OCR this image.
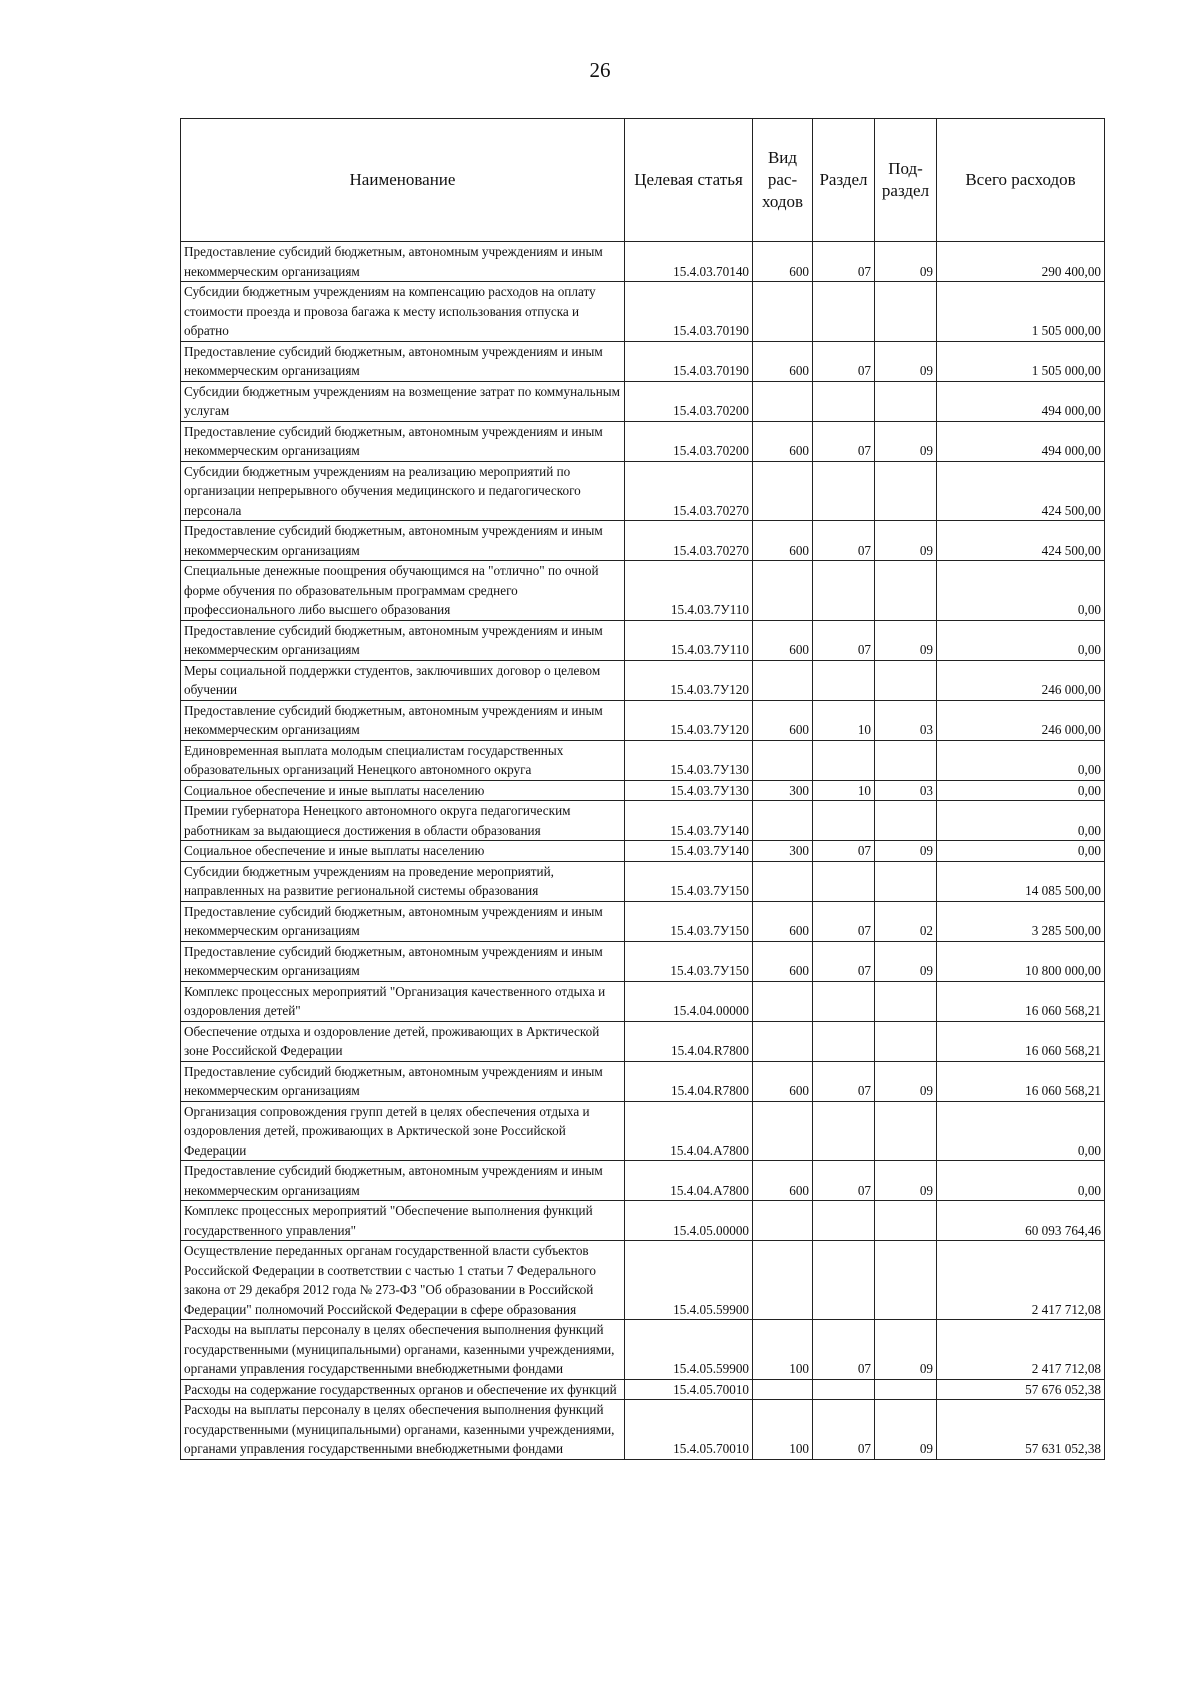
26
Наименование	Целевая статья	Вид рас-ходов	Раздел	Под-раздел	Всего расходов
Предоставление субсидий бюджетным, автономным учреждениям и иным некоммерческим организациям	15.4.03.70140	600	07	09	290 400,00
Субсидии бюджетным учреждениям на компенсацию расходов на оплату стоимости проезда и провоза багажа к месту использования отпуска и обратно	15.4.03.70190				1 505 000,00
Предоставление субсидий бюджетным, автономным учреждениям и иным некоммерческим организациям	15.4.03.70190	600	07	09	1 505 000,00
Субсидии бюджетным учреждениям на возмещение затрат по коммунальным услугам	15.4.03.70200				494 000,00
Предоставление субсидий бюджетным, автономным учреждениям и иным некоммерческим организациям	15.4.03.70200	600	07	09	494 000,00
Субсидии бюджетным учреждениям на реализацию мероприятий по организации непрерывного обучения медицинского и педагогического персонала	15.4.03.70270				424 500,00
Предоставление субсидий бюджетным, автономным учреждениям и иным некоммерческим организациям	15.4.03.70270	600	07	09	424 500,00
Специальные денежные поощрения обучающимся на "отлично" по очной форме обучения по образовательным программам среднего профессионального либо высшего образования	15.4.03.7У110				0,00
Предоставление субсидий бюджетным, автономным учреждениям и иным некоммерческим организациям	15.4.03.7У110	600	07	09	0,00
Меры социальной поддержки студентов, заключивших договор о целевом обучении	15.4.03.7У120				246 000,00
Предоставление субсидий бюджетным, автономным учреждениям и иным некоммерческим организациям	15.4.03.7У120	600	10	03	246 000,00
Единовременная выплата молодым специалистам государственных образовательных организаций Ненецкого автономного округа	15.4.03.7У130				0,00
Социальное обеспечение и иные выплаты населению	15.4.03.7У130	300	10	03	0,00
Премии губернатора Ненецкого автономного округа педагогическим работникам за выдающиеся достижения в области образования	15.4.03.7У140				0,00
Социальное обеспечение и иные выплаты населению	15.4.03.7У140	300	07	09	0,00
Субсидии бюджетным учреждениям на проведение мероприятий, направленных на развитие региональной системы образования	15.4.03.7У150				14 085 500,00
Предоставление субсидий бюджетным, автономным учреждениям и иным некоммерческим организациям	15.4.03.7У150	600	07	02	3 285 500,00
Предоставление субсидий бюджетным, автономным учреждениям и иным некоммерческим организациям	15.4.03.7У150	600	07	09	10 800 000,00
Комплекс процессных мероприятий "Организация качественного отдыха и оздоровления детей"	15.4.04.00000				16 060 568,21
Обеспечение отдыха и оздоровление детей, проживающих в Арктической зоне Российской Федерации	15.4.04.R7800				16 060 568,21
Предоставление субсидий бюджетным, автономным учреждениям и иным некоммерческим организациям	15.4.04.R7800	600	07	09	16 060 568,21
Организация сопровождения групп детей в целях обеспечения отдыха и оздоровления детей, проживающих в Арктической зоне Российской Федерации	15.4.04.A7800				0,00
Предоставление субсидий бюджетным, автономным учреждениям и иным некоммерческим организациям	15.4.04.A7800	600	07	09	0,00
Комплекс процессных мероприятий "Обеспечение выполнения функций государственного управления"	15.4.05.00000				60 093 764,46
Осуществление переданных органам государственной власти субъектов Российской Федерации в соответствии с частью 1 статьи 7 Федерального закона от 29 декабря 2012 года № 273-ФЗ "Об образовании в Российской Федерации" полномочий Российской Федерации в сфере образования	15.4.05.59900				2 417 712,08
Расходы на выплаты персоналу в целях обеспечения выполнения функций государственными (муниципальными) органами, казенными учреждениями, органами управления государственными внебюджетными фондами	15.4.05.59900	100	07	09	2 417 712,08
Расходы на содержание государственных органов и обеспечение их функций	15.4.05.70010				57 676 052,38
Расходы на выплаты персоналу в целях обеспечения выполнения функций государственными (муниципальными) органами, казенными учреждениями, органами управления государственными внебюджетными фондами	15.4.05.70010	100	07	09	57 631 052,38
